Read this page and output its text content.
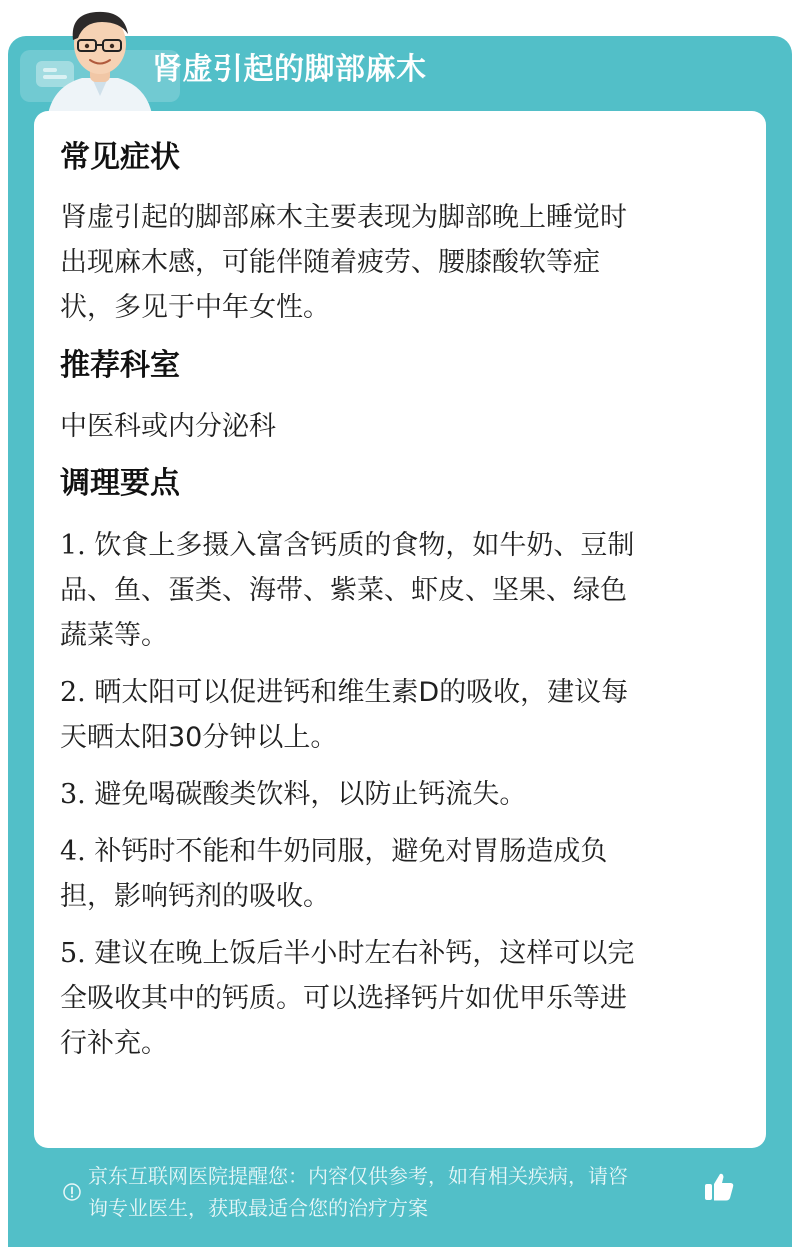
肾虚引起的脚部麻木
常见症状

肾虚引起的脚部麻木主要表现为脚部晚上睡觉时

出现麻木感，可能伴随着疲劳、腰膝酸软等症

状，多见于中年女性。

推荐科室

中医科或内分泌科

调理要点

1. 饮食上多摄入富含钙质的食物，如牛奶、豆制

品、鱼、蛋类、海带、紫菜、虾皮、坚果、绿色

蔬菜等。

2. 晒太阳可以促进钙和维生素D的吸收，建议每

天晒太阳30分钟以上。

3. 避免喝碳酸类饮料，以防止钙流失。

4. 补钙时不能和牛奶同服，避免对胃肠造成负

担，影响钙剂的吸收。

5. 建议在晚上饭后半小时左右补钙，这样可以完

全吸收其中的钙质。可以选择钙片如优甲乐等进

行补充。

京东互联网医院提醒您：内容仅供参考，如有相关疾病，请咨
询专业医生，获取最适合您的治疗方案
